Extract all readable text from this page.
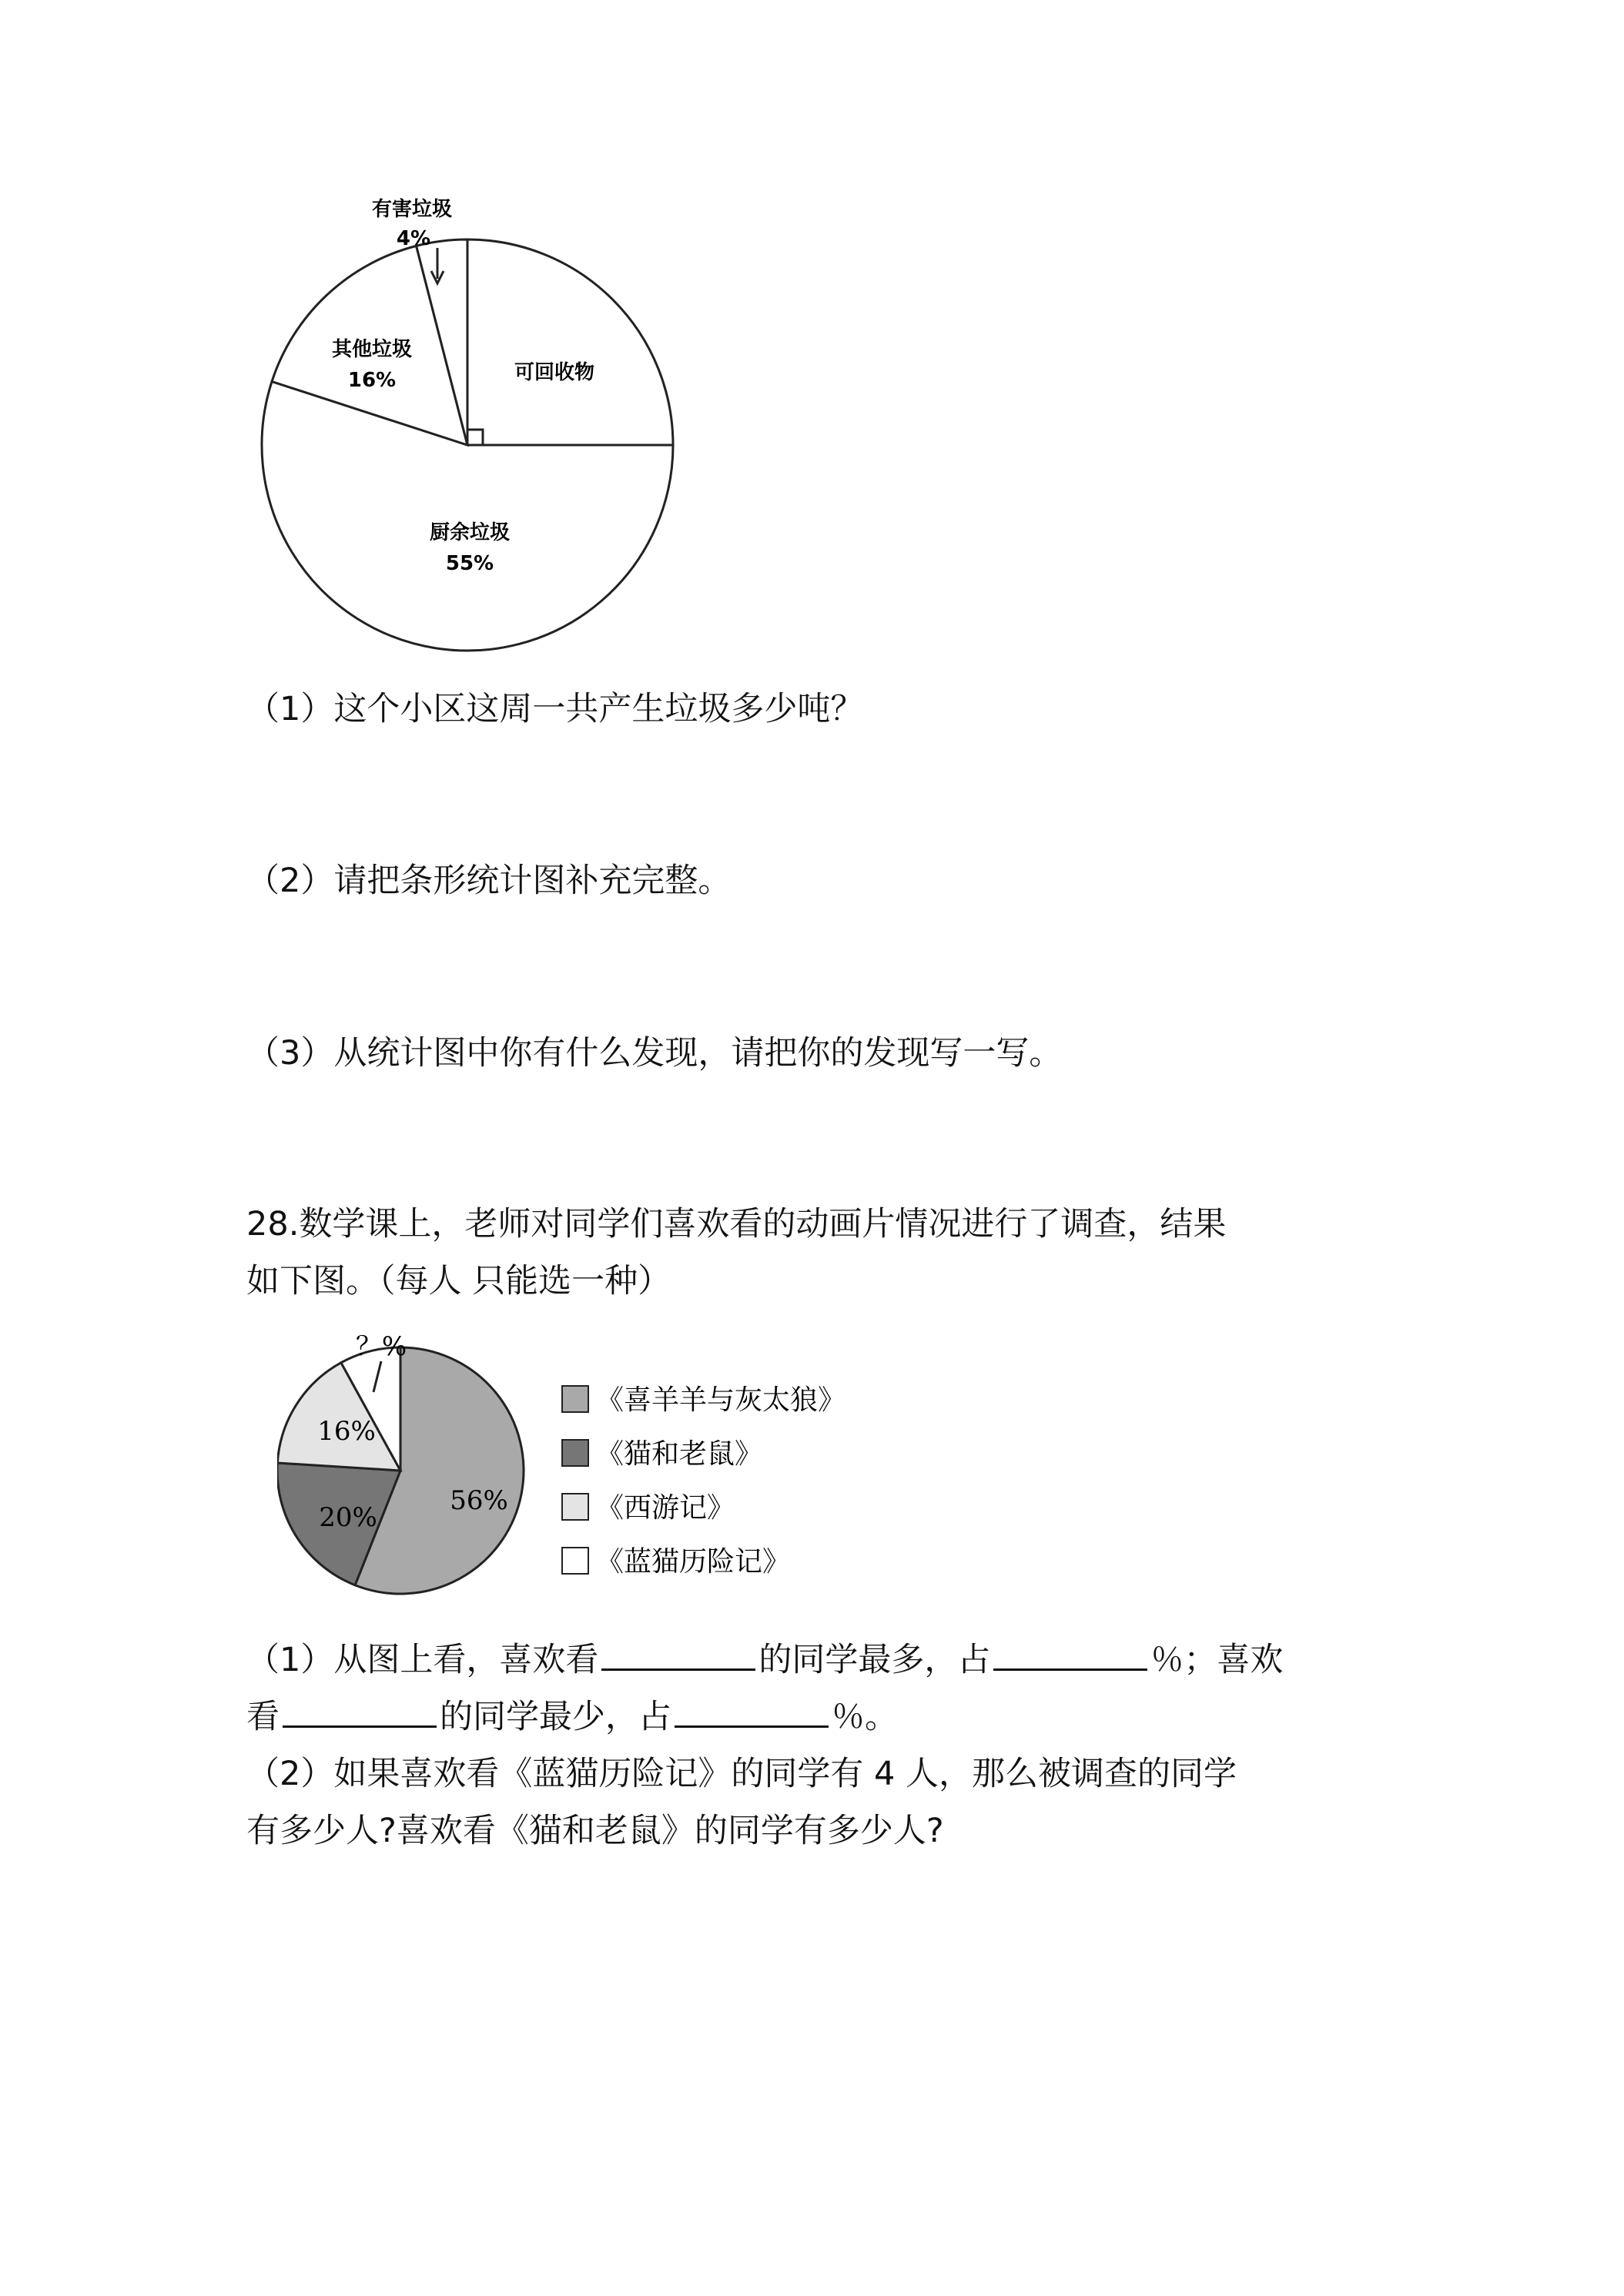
可回收物
厨余垃圾
55%
其他垃圾
16%
有害垃圾
4%
（1）这个小区这周一共产生垃圾多少吨？
（2）请把条形统计图补充完整。
（3）从统计图中你有什么发现，请把你的发现写一写。
28.数学课上，老师对同学们喜欢看的动画片情况进行了调查，结果
如下图。（每人 只能选一种）
56%
20%
16%
？%
《喜羊羊与灰太狼》
《猫和老鼠》
《西游记》
《蓝猫历险记》
（1）从图上看，喜欢看	的同学最多，占	％；喜欢
看	的同学最少，占	％。
（2）如果喜欢看《蓝猫历险记》的同学有 4 人，那么被调查的同学
有多少人?喜欢看《猫和老鼠》的同学有多少人?
